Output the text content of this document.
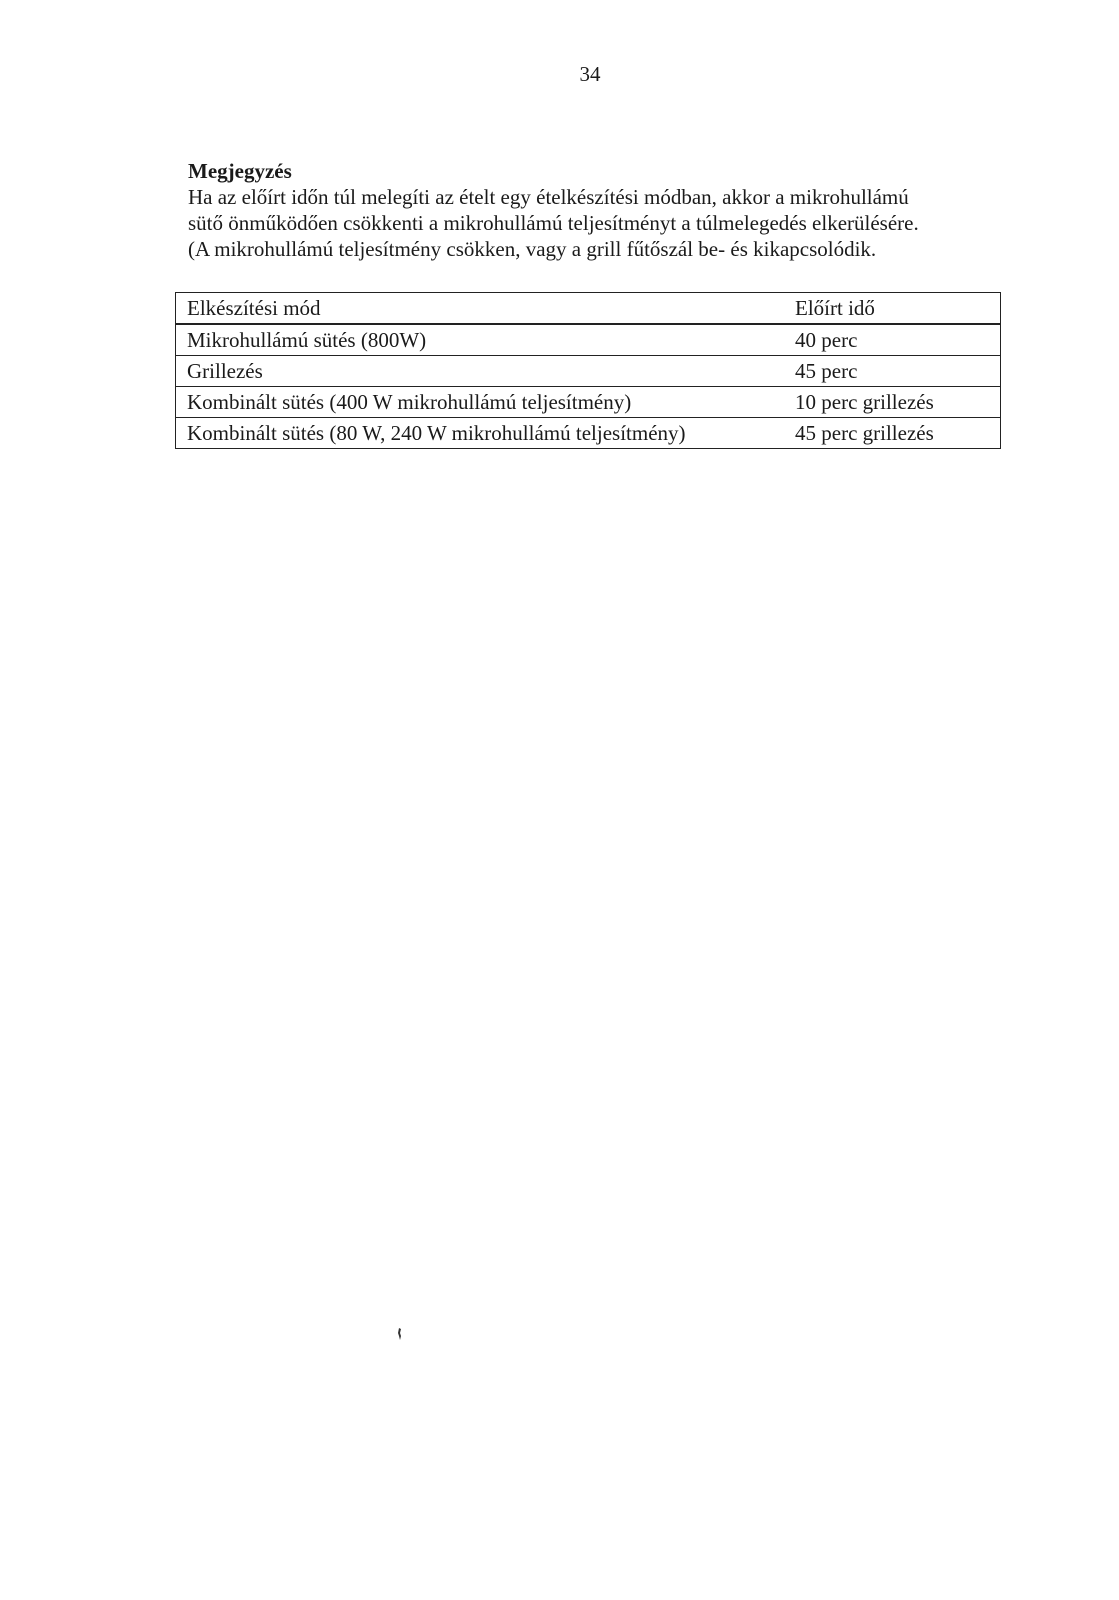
34

Megjegyzés

Ha az előírt időn túl melegíti az ételt egy ételkészítési módban, akkor a mikrohullámú

sütő önműködően csökkenti a mikrohullámú teljesítményt a túlmelegedés elkerülésére.

(A mikrohullámú teljesítmény csökken, vagy a grill fűtőszál be- és kikapcsolódik.

Elkészítési mód	Előírt idő
Mikrohullámú sütés (800W)	40 perc
Grillezés	45 perc
Kombinált sütés (400 W mikrohullámú teljesítmény)	10 perc grillezés
Kombinált sütés (80 W, 240 W mikrohullámú teljesítmény)	45 perc grillezés
